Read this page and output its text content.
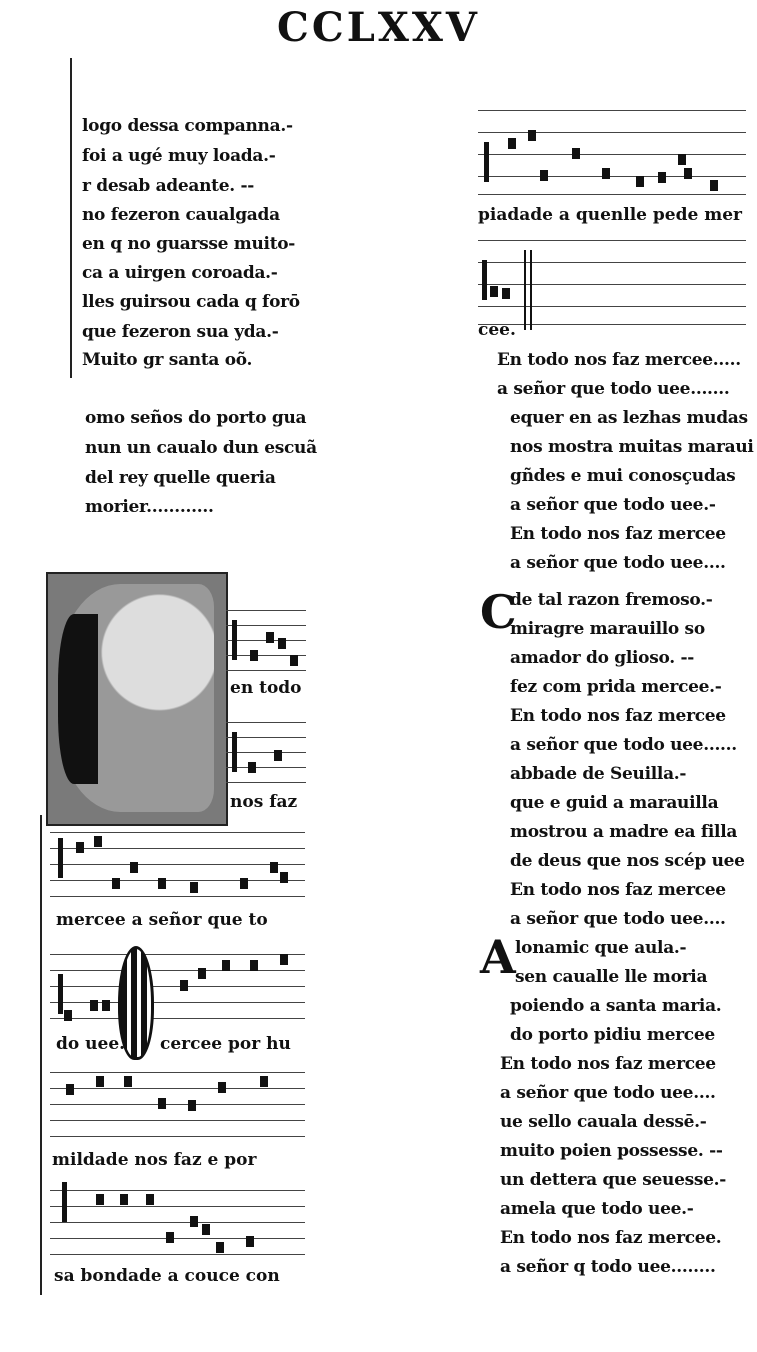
CCLXXV
logo dessa companna.-
foi a ugé muy loada.-
r desab adeante. --
no fezeron caualgada
en q no guarsse muito-
ca a uirgen coroada.-
lles guirsou cada q forō
que fezeron sua yda.-
Muito gr santa oõ.
omo seños do porto gua
nun un caualo dun escuã
del rey quelle queria
morier............
en todo
nos faz
mercee a señor que to
do uee. cercee por hu
mildade nos faz e por
sa bondade a couce con
piadade a quenlle pede mer
cee.
En todo nos faz mercee.....
a señor que todo uee.......
equer en as lezhas mudas
nos mostra muitas maraui
gñdes e mui conosçudas
a señor que todo uee.-
En todo nos faz mercee
a señor que todo uee....
C
de tal razon fremoso.-
miragre marauillo so
amador do glioso. --
fez com prida mercee.-
En todo nos faz mercee
a señor que todo uee......
abbade de Seuilla.-
que e guid a marauilla
mostrou a madre ea filla
de deus que nos scép uee
En todo nos faz mercee
a señor que todo uee....
A lonamic que aula.-
sen caualle lle moria
poiendo a santa maria.
do porto pidiu mercee
En todo nos faz mercee
a señor que todo uee....
ue sello cauala dessē.-
muito poien possesse. --
un dettera que seuesse.-
amela que todo uee.-
En todo nos faz mercee.
a señor q todo uee........
